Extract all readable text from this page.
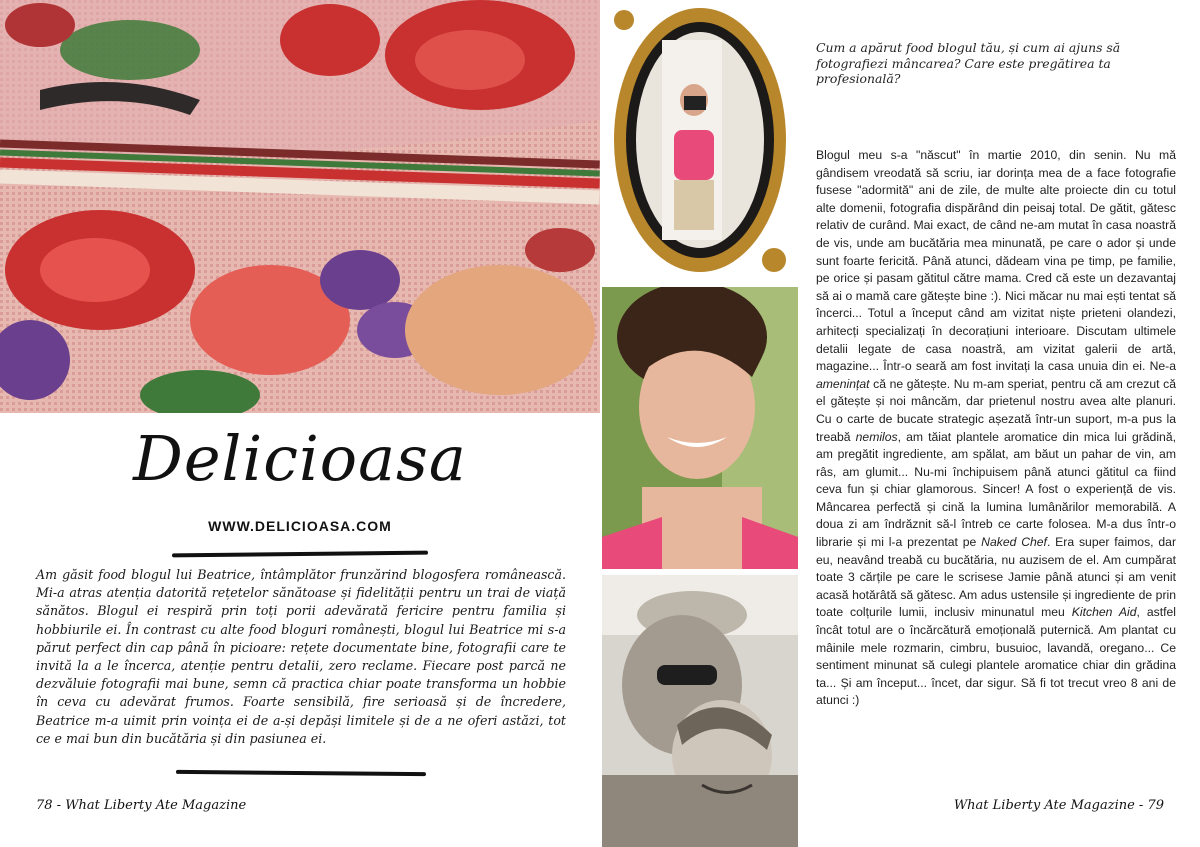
Delicioasa
WWW.DELICIOASA.COM
Am găsit food blogul lui Beatrice, întâmplător frunzărind blogosfera românească. Mi-a atras atenția datorită rețetelor sănătoase și fidelității pentru un trai de viață sănătos. Blogul ei respiră prin toți porii adevărată fericire pentru familia și hobbiurile ei. În contrast cu alte food bloguri românești, blogul lui Beatrice mi s-a părut perfect din cap până în picioare: rețete documentate bine, fotografii care te invită la a le încerca, atenție pentru detalii, zero reclame. Fiecare post parcă ne dezvăluie fotografii mai bune, semn că practica chiar poate transforma un hobbie în ceva cu adevărat frumos. Foarte sensibilă, fire serioasă și de încredere, Beatrice m-a uimit prin voința ei de a-și depăși limitele și de a ne oferi astăzi, tot ce e mai bun din bucătăria și din pasiunea ei.
78 - What Liberty Ate Magazine
Cum a apărut food blogul tău, și cum ai ajuns să fotografiezi mâncarea? Care este pregătirea ta profesională?
Blogul meu s-a "născut" în martie 2010, din senin. Nu mă gândisem vreodată să scriu, iar dorința mea de a face fotografie fusese "adormită" ani de zile, de multe alte proiecte din cu totul alte domenii, fotografia dispărând din peisaj total. De gătit, gătesc relativ de curând. Mai exact, de când ne-am mutat în casa noastră de vis, unde am bucătăria mea minunată, pe care o ador și unde sunt foarte fericită. Până atunci, dădeam vina pe timp, pe familie, pe orice și pasam gătitul către mama. Cred că este un dezavantaj să ai o mamă care gătește bine :). Nici măcar nu mai ești tentat să încerci... Totul a început când am vizitat niște prieteni olandezi, arhitecți specializați în decorațiuni interioare. Discutam ultimele detalii legate de casa noastră, am vizitat galerii de artă, magazine... Într-o seară am fost invitați la casa unuia din ei. Ne-a amenințat că ne gătește. Nu m-am speriat, pentru că am crezut că el gătește și noi mâncăm, dar prietenul nostru avea alte planuri. Cu o carte de bucate strategic așezată într-un suport, m-a pus la treabă nemilos, am tăiat plantele aromatice din mica lui grădină, am pregătit ingrediente, am spălat, am băut un pahar de vin, am râs, am glumit... Nu-mi închipuisem până atunci gătitul ca fiind ceva fun și chiar glamorous. Sincer! A fost o experiență de vis. Mâncarea perfectă și cină la lumina lumânărilor memorabilă. A doua zi am îndrăznit să-l întreb ce carte folosea. M-a dus într-o librarie și mi l-a prezentat pe Naked Chef. Era super faimos, dar eu, neavând treabă cu bucătăria, nu auzisem de el. Am cumpărat toate 3 cărțile pe care le scrisese Jamie până atunci și am venit acasă hotărâtă să gătesc. Am adus ustensile și ingrediente de prin toate colțurile lumii, inclusiv minunatul meu Kitchen Aid, astfel încât totul are o încărcătură emoțională puternică. Am plantat cu mâinile mele rozmarin, cimbru, busuioc, lavandă, oregano... Ce sentiment minunat să culegi plantele aromatice chiar din grădina ta... Și am început... încet, dar sigur. Să fi tot trecut vreo 8 ani de atunci :)
What Liberty Ate Magazine - 79
